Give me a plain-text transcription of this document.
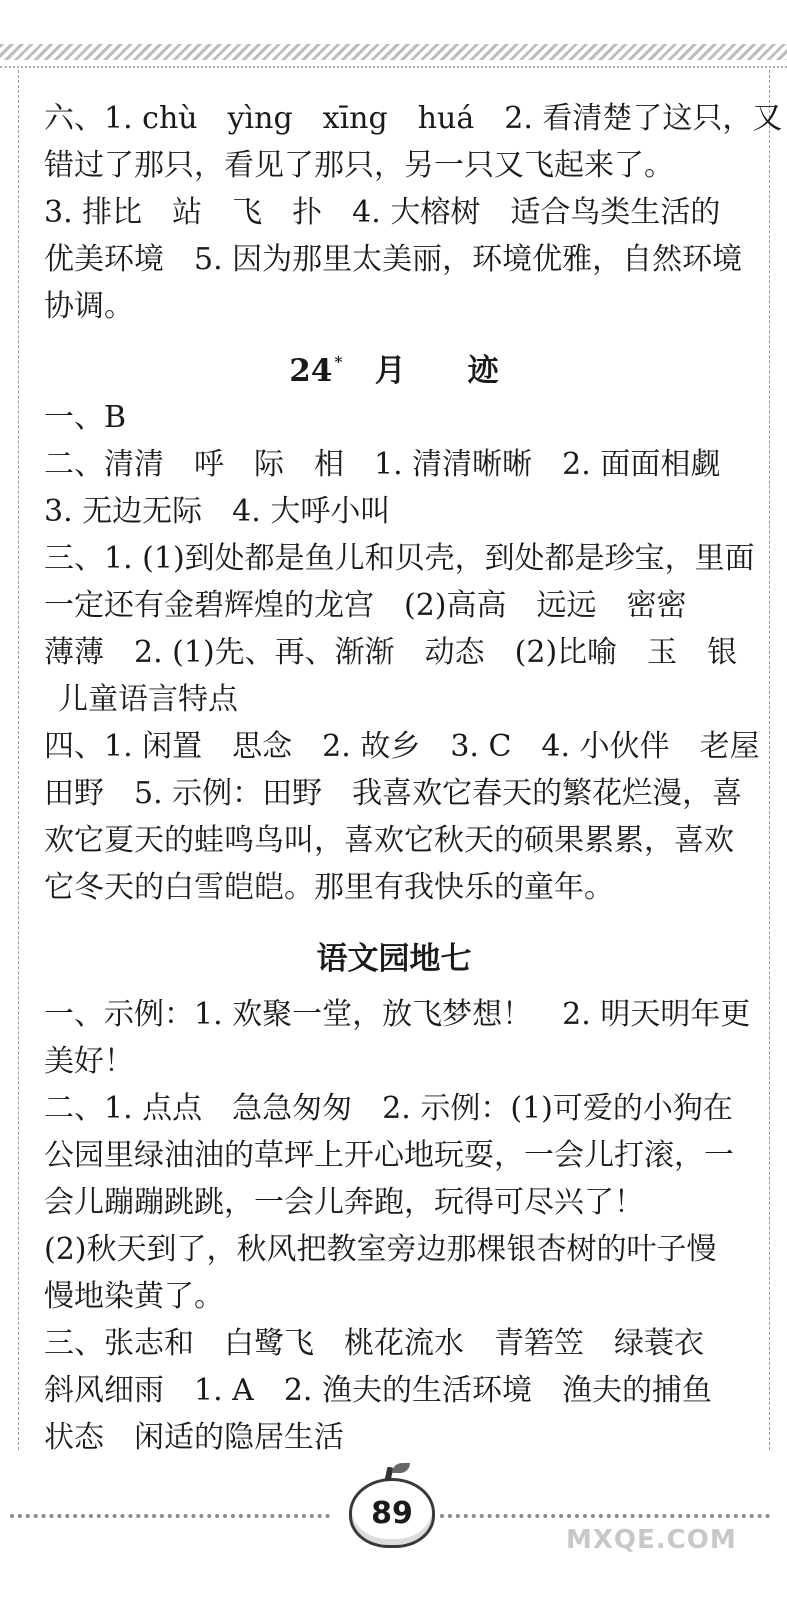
六、1. chù　yìng　xīng　huá　2. 看清楚了这只，又
错过了那只，看见了那只，另一只又飞起来了。
3. 排比　站　飞　扑　4. 大榕树　适合鸟类生活的
优美环境　5. 因为那里太美丽，环境优雅，自然环境
协调。
24 * 月　　迹
一、B
二、清清　呼　际　相　1. 清清晰晰　2. 面面相觑
3. 无边无际　4. 大呼小叫
三、1. (1)到处都是鱼儿和贝壳，到处都是珍宝，里面
一定还有金碧辉煌的龙宫　(2)高高　远远　密密
薄薄　2. (1)先、再、渐渐　动态　(2)比喻　玉　银
儿童语言特点
四、1. 闲置　思念　2. 故乡　3. C　4. 小伙伴　老屋
田野　5. 示例：田野　我喜欢它春天的繁花烂漫，喜
欢它夏天的蛙鸣鸟叫，喜欢它秋天的硕果累累，喜欢
它冬天的白雪皑皑。那里有我快乐的童年。
语文园地七
一、示例：1. 欢聚一堂，放飞梦想！　2. 明天明年更
美好！
二、1. 点点　急急匆匆　2. 示例：(1)可爱的小狗在
公园里绿油油的草坪上开心地玩耍，一会儿打滚，一
会儿蹦蹦跳跳，一会儿奔跑，玩得可尽兴了！
(2)秋天到了，秋风把教室旁边那棵银杏树的叶子慢
慢地染黄了。
三、张志和　白鹭飞　桃花流水　青箬笠　绿蓑衣
斜风细雨　1. A　2. 渔夫的生活环境　渔夫的捕鱼
状态　闲适的隐居生活
89
MXQE.COM
